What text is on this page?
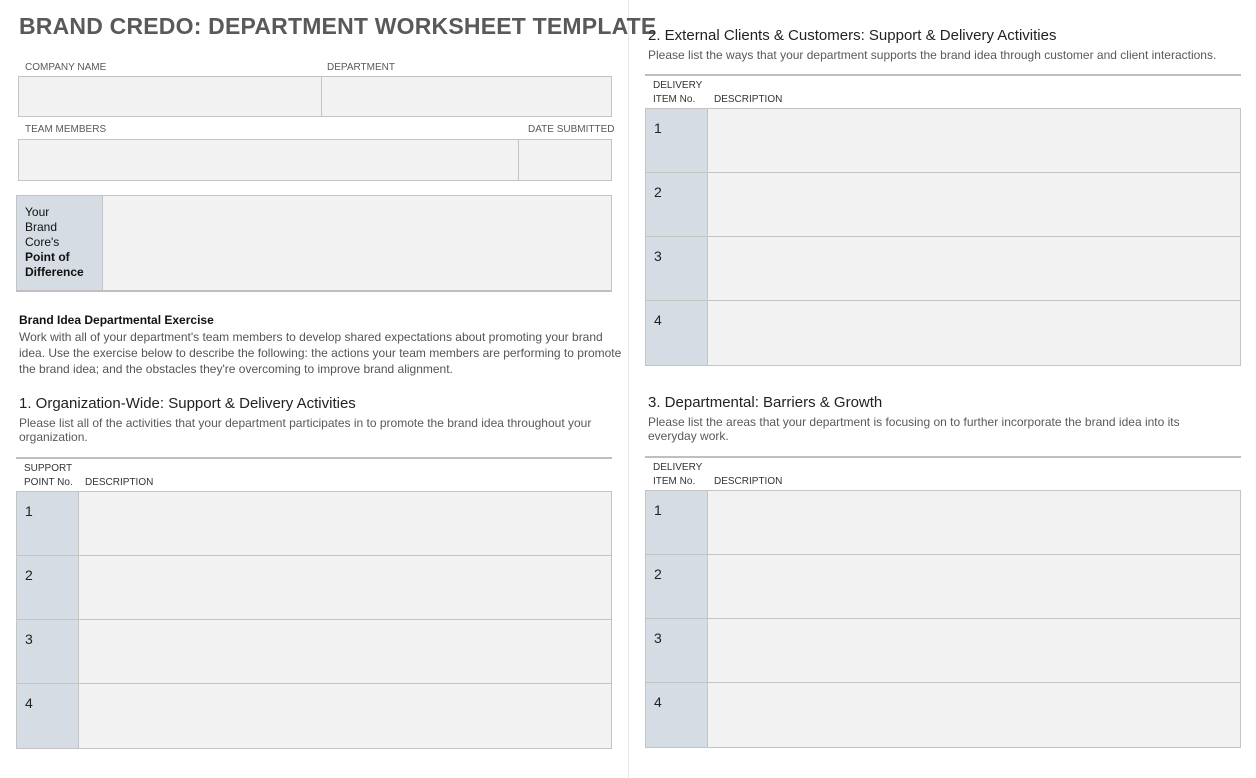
BRAND CREDO: DEPARTMENT WORKSHEET TEMPLATE
COMPANY NAME	DEPARTMENT
TEAM MEMBERS	DATE SUBMITTED
Your
Brand
Core's
Point of
Difference
Brand Idea Departmental Exercise
Work with all of your department's team members to develop shared expectations about promoting your brand idea. Use the exercise below to describe the following: the actions your team members are performing to promote the brand idea; and the obstacles they're overcoming to improve brand alignment.
1. Organization-Wide: Support & Delivery Activities
Please list all of the activities that your department participates in to promote the brand idea throughout your organization.
SUPPORT
POINT No. DESCRIPTION
1
2
3
4
2. External Clients & Customers: Support & Delivery Activities
Please list the ways that your department supports the brand idea through customer and client interactions.
DELIVERY
ITEM No.	DESCRIPTION
1
2
3
4
3. Departmental: Barriers & Growth
Please list the areas that your department is focusing on to further incorporate the brand idea into its everyday work.
DELIVERY
ITEM No.	DESCRIPTION
1
2
3
4
